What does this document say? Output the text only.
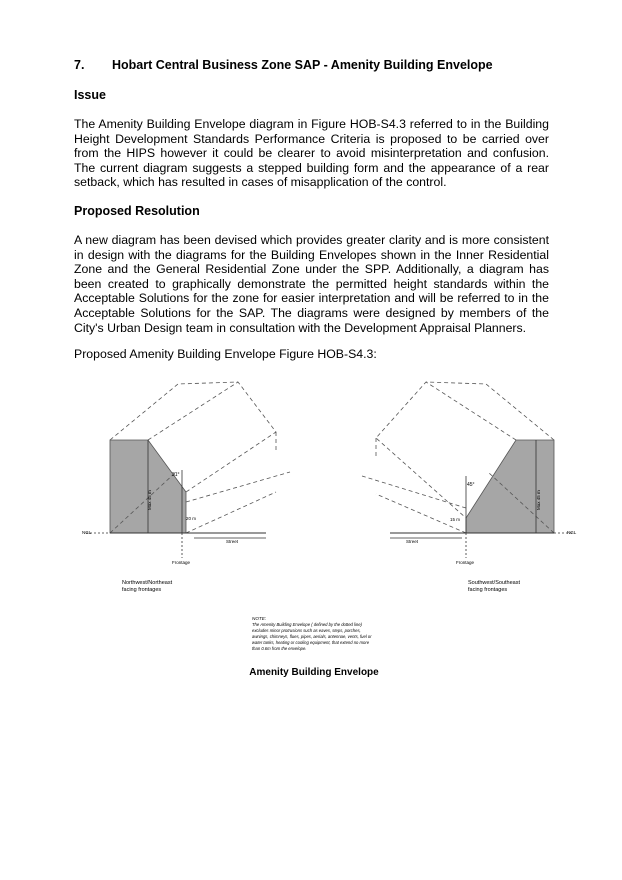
7. Hobart Central Business Zone SAP - Amenity Building Envelope
Issue

The Amenity Building Envelope diagram in Figure HOB-S4.3 referred to in the Building Height Development Standards Performance Criteria is proposed to be carried over from the HIPS however it could be clearer to avoid misinterpretation and confusion. The current diagram suggests a stepped building form and the appearance of a rear setback, which has resulted in cases of misapplication of the control.

Proposed Resolution

A new diagram has been devised which provides greater clarity and is more consistent in design with the diagrams for the Building Envelopes shown in the Inner Residential Zone and the General Residential Zone under the SPP. Additionally, a diagram has been created to graphically demonstrate the permitted height standards within the Acceptable Solutions for the zone for easier interpretation and will be referred to in the Acceptable Solutions for the SAP. The diagrams were designed by members of the City's Urban Design team in consultation with the Development Appraisal Planners.

Proposed Amenity Building Envelope Figure HOB-S4.3:
Max 45 m
31°
20 m
NGL
Street
Frontage
Northwest/Northeast
facing frontages
Max 45 m
45°
15 m
NGL
Street
Frontage
Southwest/Southeast
facing frontages
NOTE:
The Amenity Building Envelope ( defined by the dotted line)
excludes minor protrusions such as eaves, steps, porches,
awnings, chimneys, flues, pipes, aerials, antennae, vents, fuel or
water tanks, heating or cooling equipment, that extend no more
than 0.6m from the envelope.
Amenity Building Envelope
